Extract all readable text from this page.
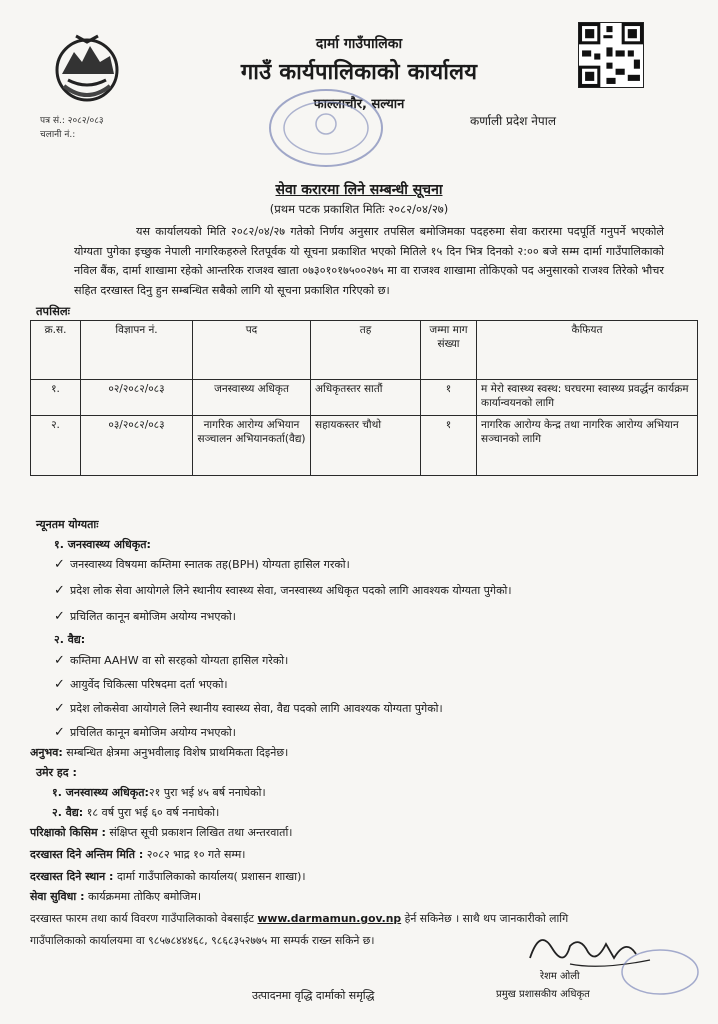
दार्मा गाउँपालिका
गाउँ कार्यपालिकाको कार्यालय
फाल्लाचौर, सल्यान
कर्णाली प्रदेश नेपाल
पत्र सं.: २०८२/०८३
चलानी नं.:
सेवा करारमा लिने सम्बन्धी सूचना
(प्रथम पटक प्रकाशित मितिः २०८२/०४/२७)
यस कार्यालयको मिति २०८२/०४/२७ गतेको निर्णय अनुसार तपसिल बमोजिमका पदहरुमा सेवा करारमा पदपूर्ति गनुपर्ने भएकोले योग्यता पुगेका इच्छुक नेपाली नागरिकहरुले रितपूर्वक यो सूचना प्रकाशित भएको मितिले १५ दिन भित्र दिनको २:०० बजे सम्म दार्मा गाउँपालिकाको नविल बैंक, दार्मा शाखामा रहेको आन्तरिक राजश्व खाता ०७३०१०१७५००२७५ मा वा राजश्व शाखामा तोकिएको पद अनुसारको राजश्व तिरेको भौचर सहित दरखास्त दिनु हुन सम्बन्धित सबैको लागि यो सूचना प्रकाशित गरिएको छ।
तपसिलः
क्र.स.	विज्ञापन नं.	पद	तह	जम्मा माग संख्या	कैफियत
१.	०२/२०८२/०८३	जनस्वास्थ्य अधिकृत	अधिकृतस्तर सातौं	१	म मेरो स्वास्थ्य स्वस्थ: घरघरमा स्वास्थ्य प्रवर्द्धन कार्यक्रम कार्यान्वयनको लागि
२.	०३/२०८२/०८३	नागरिक आरोग्य अभियान सञ्चालन अभियानकर्ता(वैद्य)	सहायकस्तर चौथो	१	नागरिक आरोग्य केन्द्र तथा नागरिक आरोग्य अभियान सञ्चानको लागि
न्यूनतम योग्यताः
१. जनस्वास्थ्य अधिकृत:
✓ जनस्वास्थ्य विषयमा कम्तिमा स्नातक तह(BPH) योग्यता हासिल गरको।
✓ प्रदेश लोक सेवा आयोगले लिने स्थानीय स्वास्थ्य सेवा, जनस्वास्थ्य अधिकृत पदको लागि आवश्यक योग्यता पुगेको।
✓ प्रचिलित कानून बमोजिम अयोग्य नभएको।
२. वैद्य:
✓ कम्तिमा AAHW वा सो सरहको योग्यता हासिल गरेको।
✓ आयुर्वेद चिकित्सा परिषदमा दर्ता भएको।
✓ प्रदेश लोकसेवा आयोगले लिने स्थानीय स्वास्थ्य सेवा, वैद्य पदको लागि आवश्यक योग्यता पुगेको।
✓ प्रचिलित कानून बमोजिम अयोग्य नभएको।
अनुभव: सम्बन्धित क्षेत्रमा अनुभवीलाइ विशेष प्राथमिकता दिइनेछ।
उमेर हद :
१. जनस्वास्थ्य अधिकृत:२१ पुरा भई ४५ बर्ष ननाघेको।
२. वैद्य: १८ वर्ष पुरा भई ६० वर्ष ननाघेको।
परिक्षाको किसिम : संक्षिप्त सूची प्रकाशन लिखित तथा अन्तरवार्ता।
दरखास्त दिने अन्तिम मिति : २०८२ भाद्र १० गते सम्म।
दरखास्त दिने स्थान : दार्मा गाउँपालिकाको कार्यालय( प्रशासन शाखा)।
सेवा सुविधा : कार्यक्रममा तोकिए बमोजिम।
दरखास्त फारम तथा कार्य विवरण गाउँपालिकाको वेबसाईट www.darmamun.gov.np हेर्न सकिनेछ । साथै थप जानकारीको लागि
गाउँपालिकाको कार्यालयमा वा ९८५७८४४४६८, ९८६८३५२७७५ मा सम्पर्क राख्न सकिने छ।
रेशम ओली
प्रमुख प्रशासकीय अधिकृत
उत्पादनमा वृद्धि दार्माको समृद्धि
